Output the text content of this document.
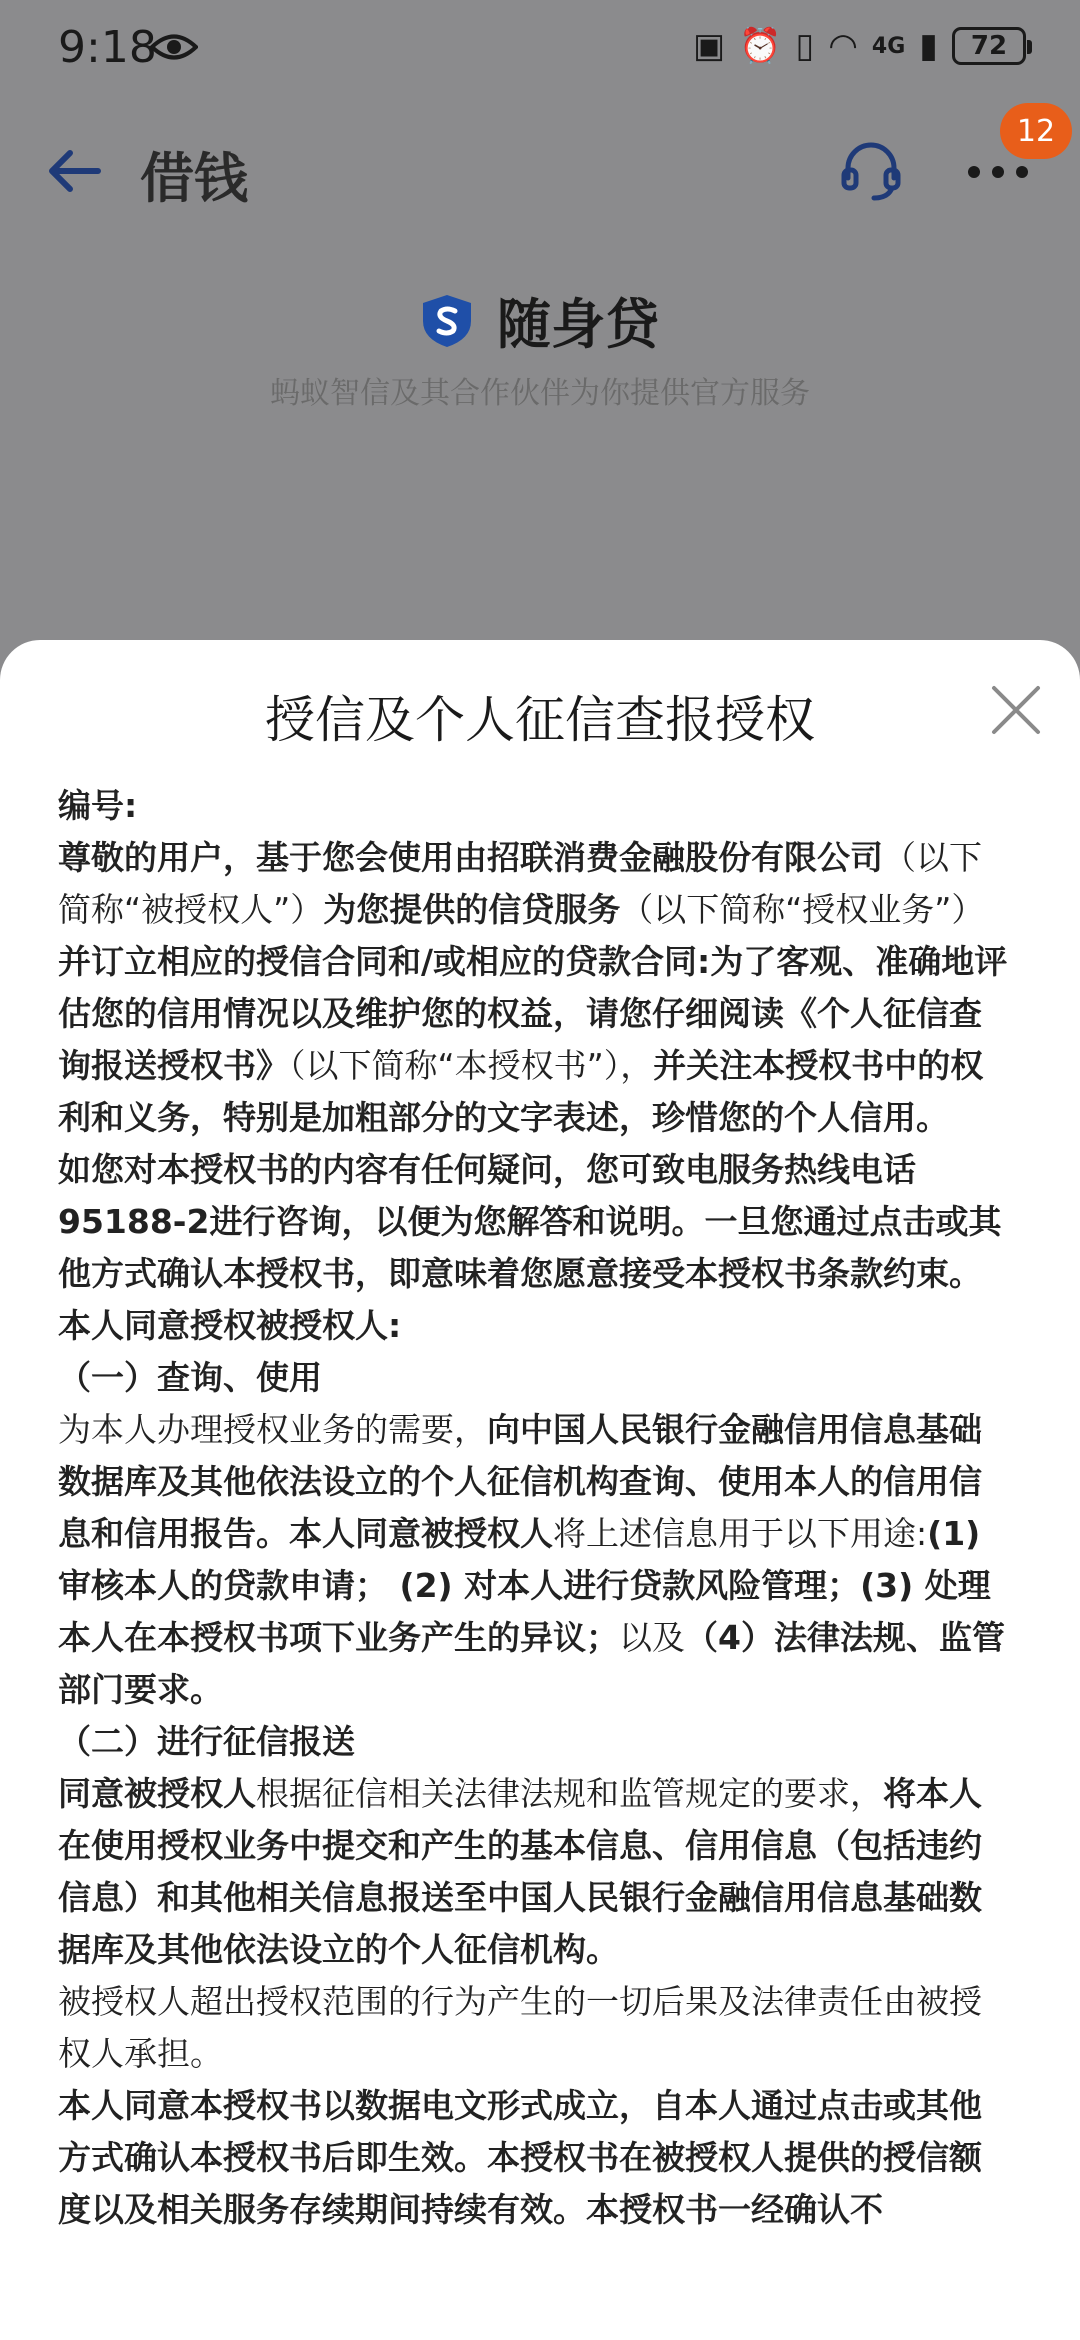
9:18	▣ ⏰ ▯ ◠ 4G ▮ 72
借钱
12
随身贷
蚂蚁智信及其合作伙伴为你提供官方服务
授信及个人征信查报授权

编号:

尊敬的用户，基于您会使用由招联消费金融股份有限公司（以下简称“被授权人”）为您提供的信贷服务（以下简称“授权业务”）并订立相应的授信合同和/或相应的贷款合同:为了客观、准确地评估您的信用情况以及维护您的权益，请您仔细阅读《个人征信查询报送授权书》（以下简称“本授权书”），并关注本授权书中的权利和义务，特别是加粗部分的文字表述，珍惜您的个人信用。

如您对本授权书的内容有任何疑问，您可致电服务热线电话95188-2进行咨询，以便为您解答和说明。一旦您通过点击或其他方式确认本授权书，即意味着您愿意接受本授权书条款约束。

本人同意授权被授权人:

（一）查询、使用

为本人办理授权业务的需要，向中国人民银行金融信用信息基础数据库及其他依法设立的个人征信机构查询、使用本人的信用信息和信用报告。本人同意被授权人将上述信息用于以下用途:(1) 审核本人的贷款申请； (2) 对本人进行贷款风险管理；(3) 处理本人在本授权书项下业务产生的异议；以及（4）法律法规、监管部门要求。

（二）进行征信报送

同意被授权人根据征信相关法律法规和监管规定的要求，将本人在使用授权业务中提交和产生的基本信息、信用信息（包括违约信息）和其他相关信息报送至中国人民银行金融信用信息基础数据库及其他依法设立的个人征信机构。

被授权人超出授权范围的行为产生的一切后果及法律责任由被授权人承担。

本人同意本授权书以数据电文形式成立，自本人通过点击或其他方式确认本授权书后即生效。本授权书在被授权人提供的授信额度以及相关服务存续期间持续有效。本授权书一经确认不
